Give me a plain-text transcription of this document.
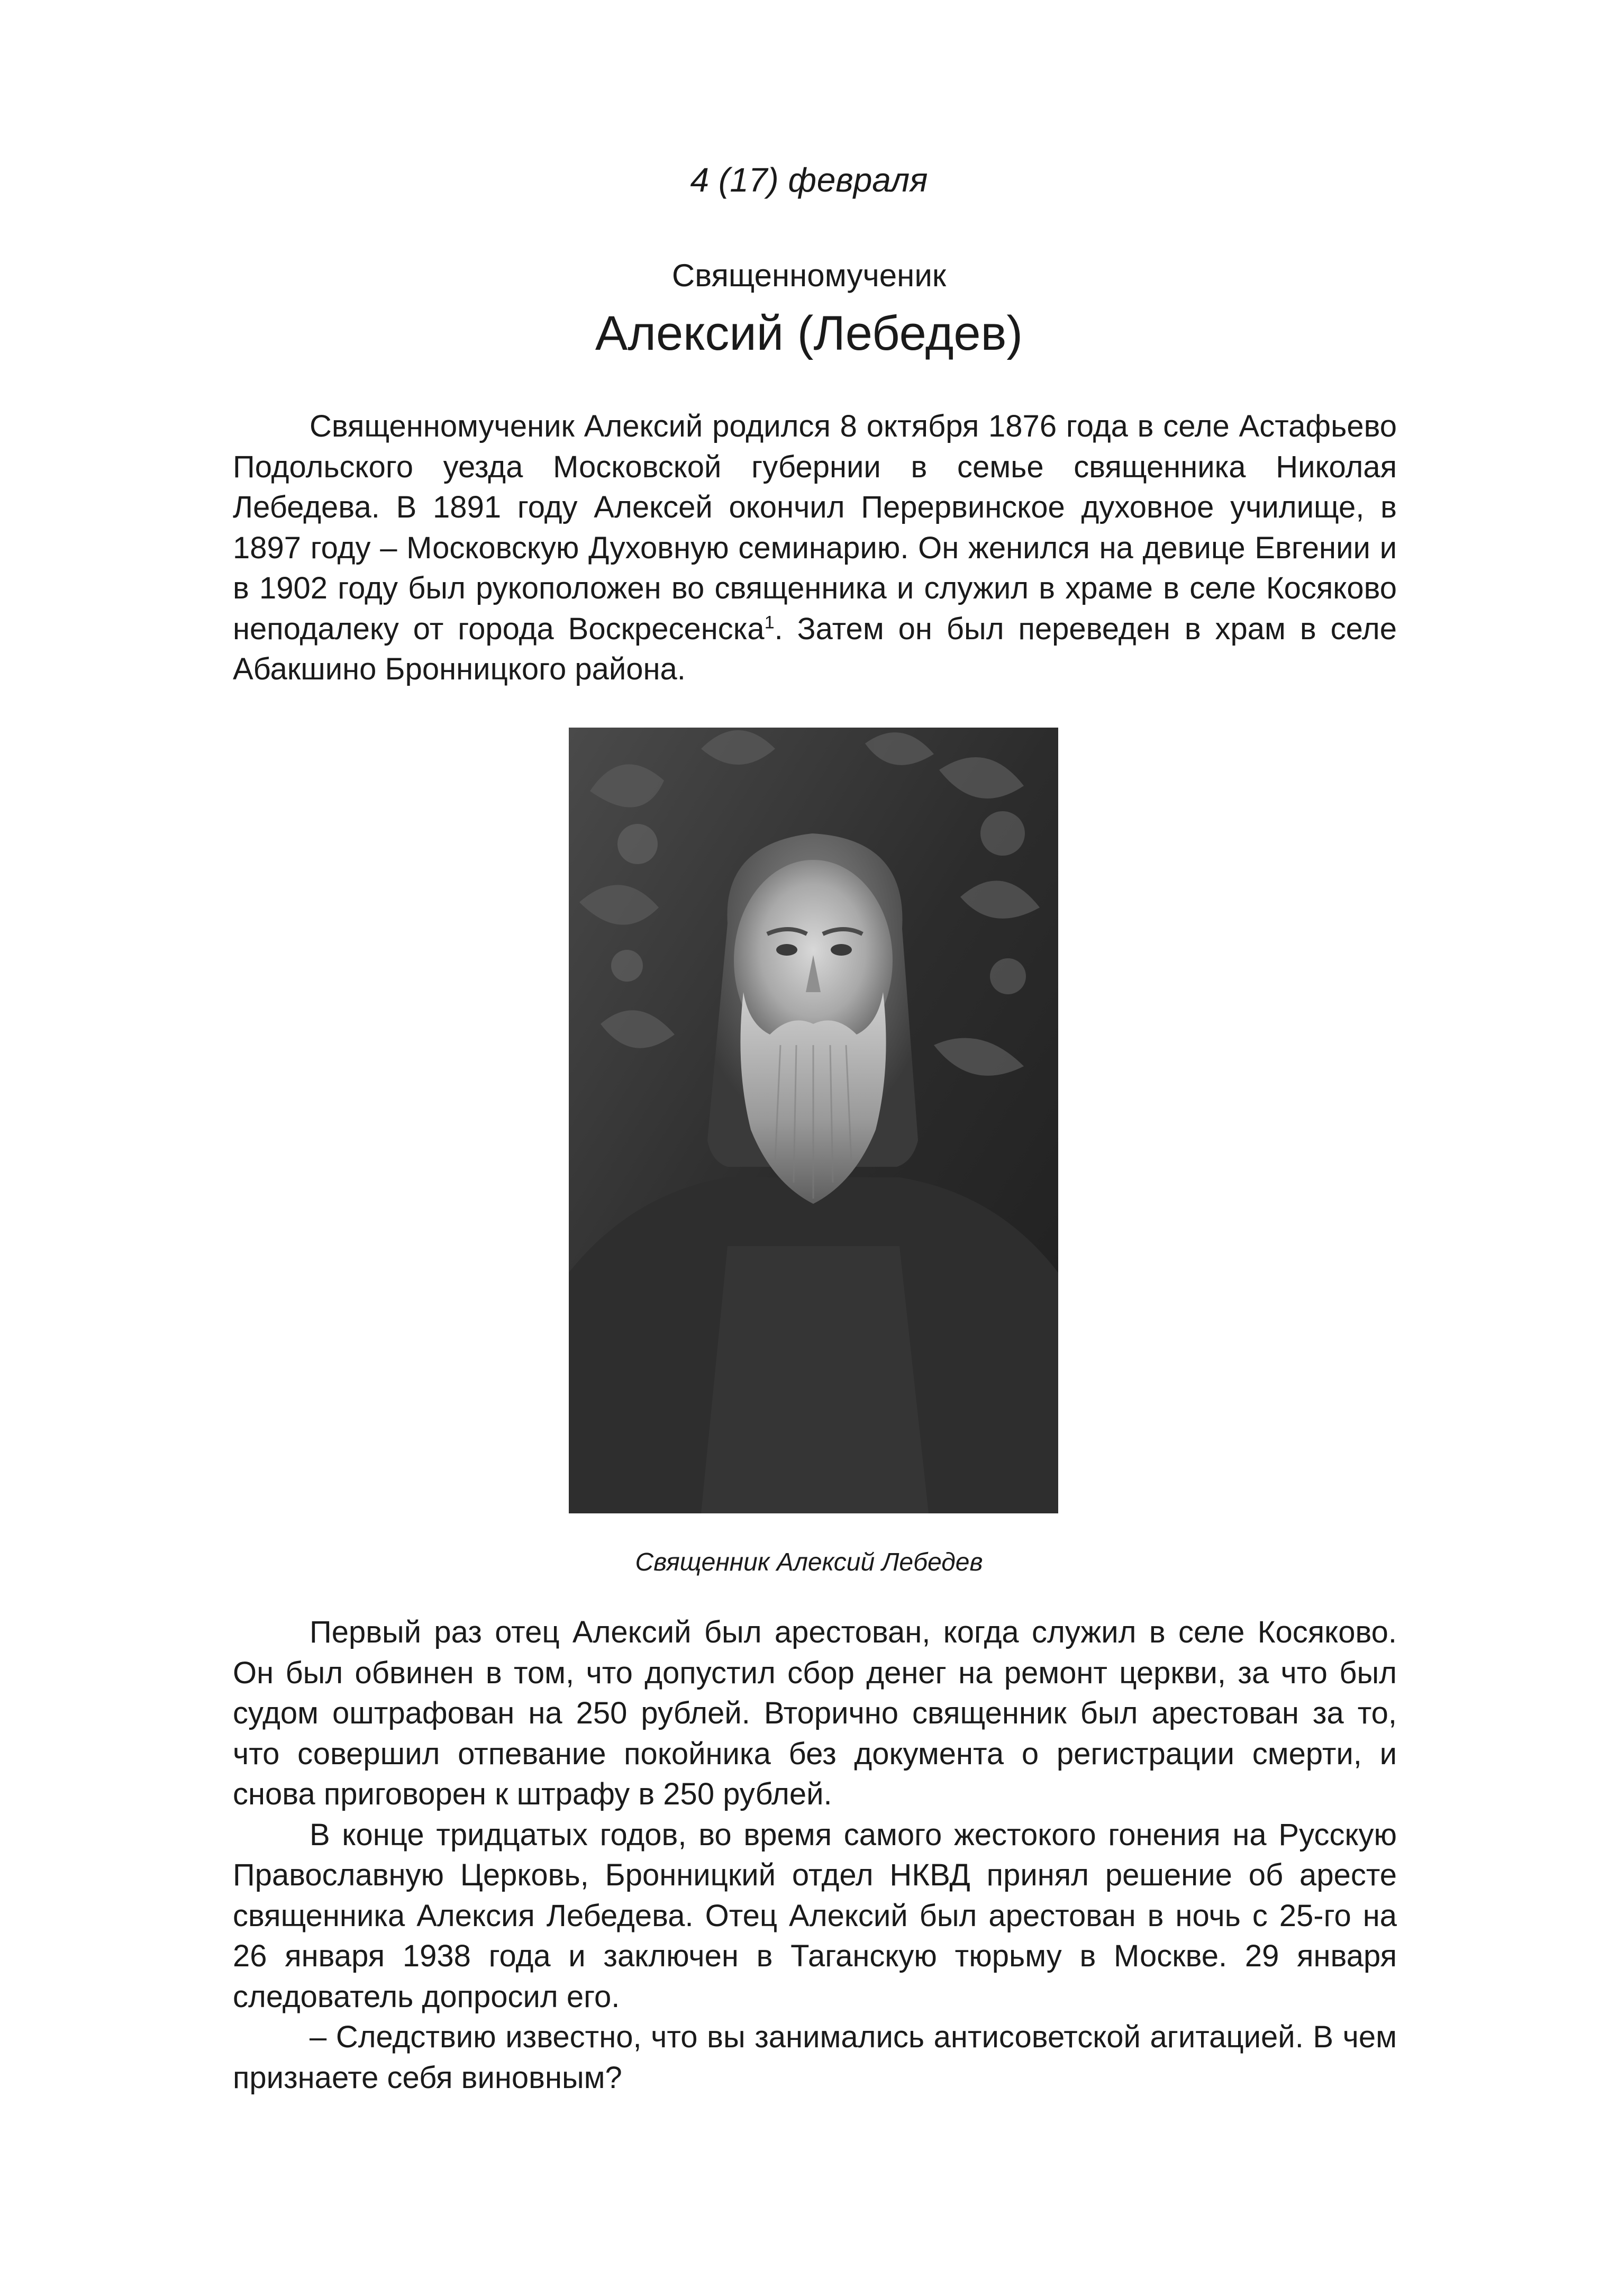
4 (17) февраля
Священномученик
Алексий (Лебедев)

Священномученик Алексий родился 8 октября 1876 года в селе Астафьево Подольского уезда Московской губернии в семье священника Николая Лебедева. В 1891 году Алексей окончил Перервинское духовное училище, в 1897 году – Московскую Духовную семинарию. Он женился на девице Евгении и в 1902 году был рукоположен во священника и служил в храме в селе Косяково неподалеку от города Воскресенска$^1$. Затем он был переведен в храм в селе Абакшино Бронницкого района.

Священник Алексий Лебедев

Первый раз отец Алексий был арестован, когда служил в селе Косяково. Он был обвинен в том, что допустил сбор денег на ремонт церкви, за что был судом оштрафован на 250 рублей. Вторично священник был арестован за то, что совершил отпевание покойника без документа о регистрации смерти, и снова приговорен к штрафу в 250 рублей.

В конце тридцатых годов, во время самого жестокого гонения на Русскую Православную Церковь, Бронницкий отдел НКВД принял решение об аресте священника Алексия Лебедева. Отец Алексий был арестован в ночь с 25-го на 26 января 1938 года и заключен в Таганскую тюрьму в Москве. 29 января следователь допросил его.

– Следствию известно, что вы занимались антисоветской агитацией. В чем признаете себя виновным?
